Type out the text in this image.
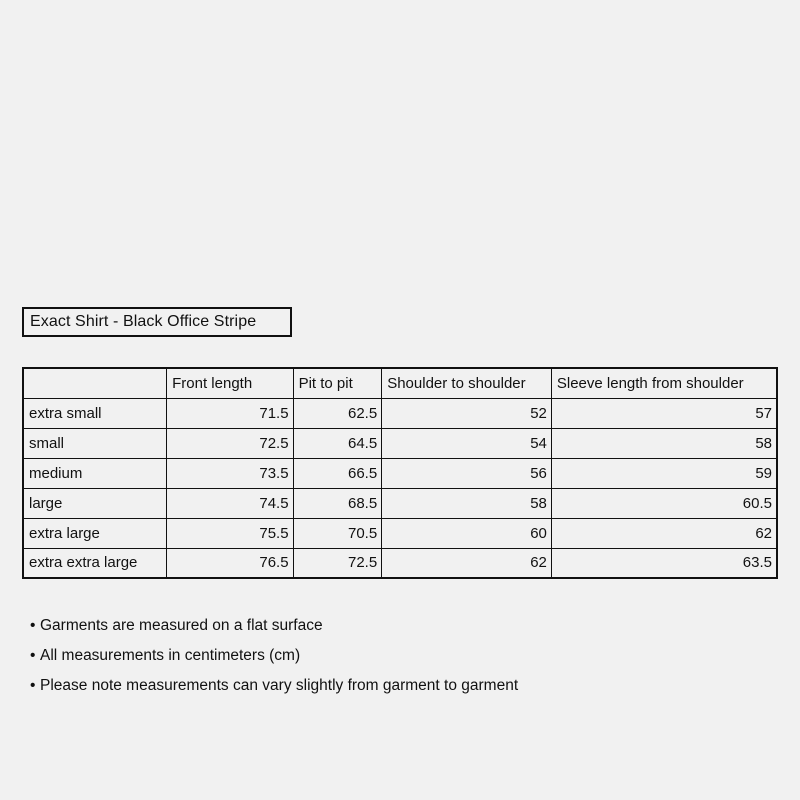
Exact Shirt - Black Office Stripe
	Front length	Pit to pit	Shoulder to shoulder	Sleeve length from shoulder
extra small	71.5	62.5	52	57
small	72.5	64.5	54	58
medium	73.5	66.5	56	59
large	74.5	68.5	58	60.5
extra large	75.5	70.5	60	62
extra extra large	76.5	72.5	62	63.5
• Garments are measured on a flat surface
• All measurements in centimeters (cm)
• Please note measurements can vary slightly from garment to garment
